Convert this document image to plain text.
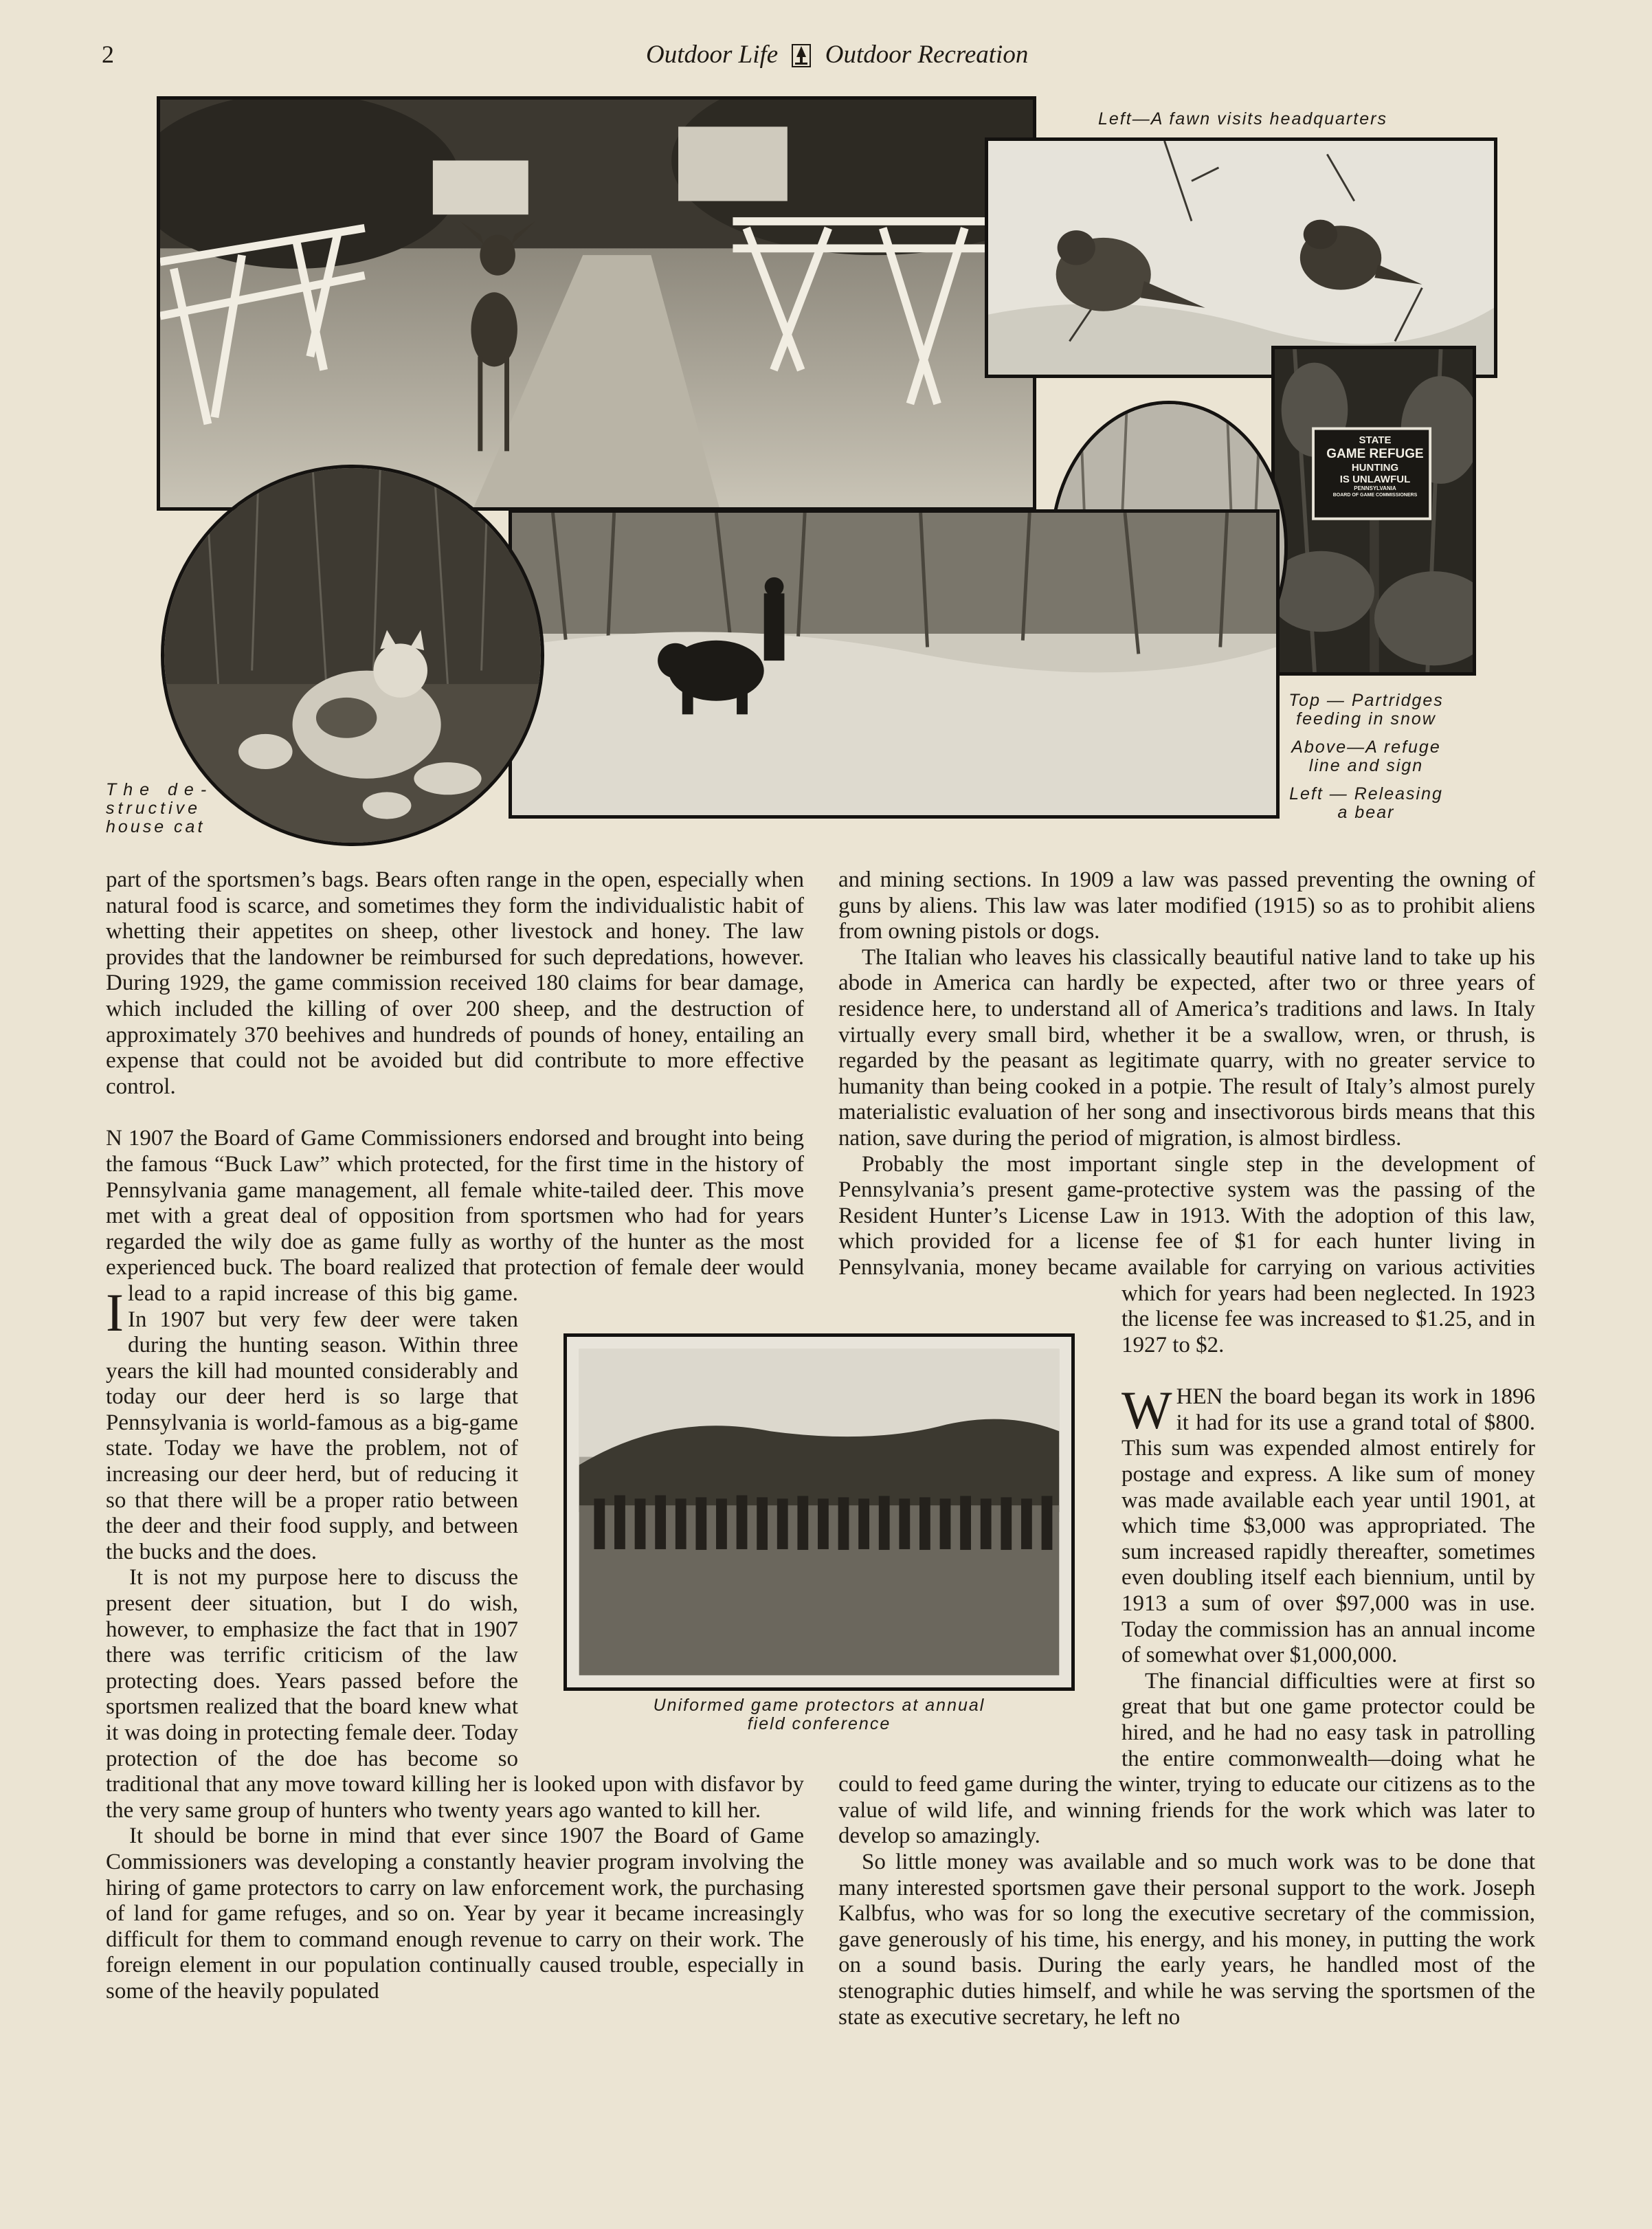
2	Outdoor Life Outdoor Recreation
Left—A fawn visits headquarters
STATE
GAME REFUGE
HUNTING
IS UNLAWFUL
PENNSYLVANIA
BOARD OF GAME COMMISSIONERS
The de-
structive
house cat
Top — Partridges
feeding in snow
Above—A refuge
line and sign
Left — Releasing
a bear
Uniformed game protectors at annual
field conference

part of the sportsmen’s bags. Bears often range in the open, especially when natural food is scarce, and sometimes they form the individualistic habit of whetting their appetites on sheep, other livestock and honey. The law provides that the landowner be reimbursed for such depredations, however. During 1929, the game commission received 180 claims for bear damage, which included the killing of over 200 sheep, and the destruction of approximately 370 beehives and hundreds of pounds of honey, entailing an expense that could not be avoided but did contribute to more effective control.

I
N 1907 the Board of Game Commissioners endorsed and brought into being the famous “Buck Law” which protected, for the first time in the history of Pennsylvania game management, all female white-tailed deer. This move met with a great deal of opposition from sportsmen who had for years regarded the wily doe as game fully as worthy of the hunter as the most experienced buck. The board realized that protection of female deer would lead to a rapid increase of this big game. In 1907 but very few deer were taken during the hunting season. Within three years the kill had mounted considerably and today our deer herd is so large that Pennsylvania is world-famous as a big-game state. Today we have the problem, not of increasing our deer herd, but of reducing it so that there will be a proper ratio between the deer and their food supply, and between the bucks and the does.

It is not my purpose here to discuss the present deer situation, but I do wish, however, to emphasize the fact that in 1907 there was terrific criticism of the law protecting does. Years passed before the sportsmen realized that the board knew what it was doing in protecting female deer. Today protection of the doe has become so traditional that any move toward killing her is looked upon with disfavor by the very same group of hunters who twenty years ago wanted to kill her.

It should be borne in mind that ever since 1907 the Board of Game Commissioners was developing a constantly heavier program involving the hiring of game protectors to carry on law enforcement work, the purchasing of land for game refuges, and so on. Year by year it became increasingly difficult for them to command enough revenue to carry on their work. The foreign element in our population continually caused trouble, especially in some of the heavily populated

and mining sections. In 1909 a law was passed preventing the owning of guns by aliens. This law was later modified (1915) so as to prohibit aliens from owning pistols or dogs.

The Italian who leaves his classically beautiful native land to take up his abode in America can hardly be expected, after two or three years of residence here, to understand all of America’s traditions and laws. In Italy virtually every small bird, whether it be a swallow, wren, or thrush, is regarded by the peasant as legitimate quarry, with no greater service to humanity than being cooked in a potpie. The result of Italy’s almost purely materialistic evaluation of her song and insectivorous birds means that this nation, save during the period of migration, is almost birdless.

Probably the most important single step in the development of Pennsylvania’s present game-protective system was the passing of the Resident Hunter’s License Law in 1913. With the adoption of this law, which provided for a license fee of $1 for each hunter living in Pennsylvania, money became available for carrying on various activities which for years had been neglected. In 1923 the license fee was increased to $1.25, and in 1927 to $2.

WHEN the board began its work in 1896 it had for its use a grand total of $800. This sum was expended almost entirely for postage and express. A like sum of money was made available each year until 1901, at which time $3,000 was appropriated. The sum increased rapidly thereafter, sometimes even doubling itself each biennium, until by 1913 a sum of over $97,000 was in use. Today the commission has an annual income of somewhat over $1,000,000.

The financial difficulties were at first so great that but one game protector could be hired, and he had no easy task in patrolling the entire commonwealth—doing what he could to feed game during the winter, trying to educate our citizens as to the value of wild life, and winning friends for the work which was later to develop so amazingly.

So little money was available and so much work was to be done that many interested sportsmen gave their personal support to the work. Joseph Kalbfus, who was for so long the executive secretary of the commission, gave generously of his time, his energy, and his money, in putting the work on a sound basis. During the early years, he handled most of the stenographic duties himself, and while he was serving the sportsmen of the state as executive secretary, he left no
